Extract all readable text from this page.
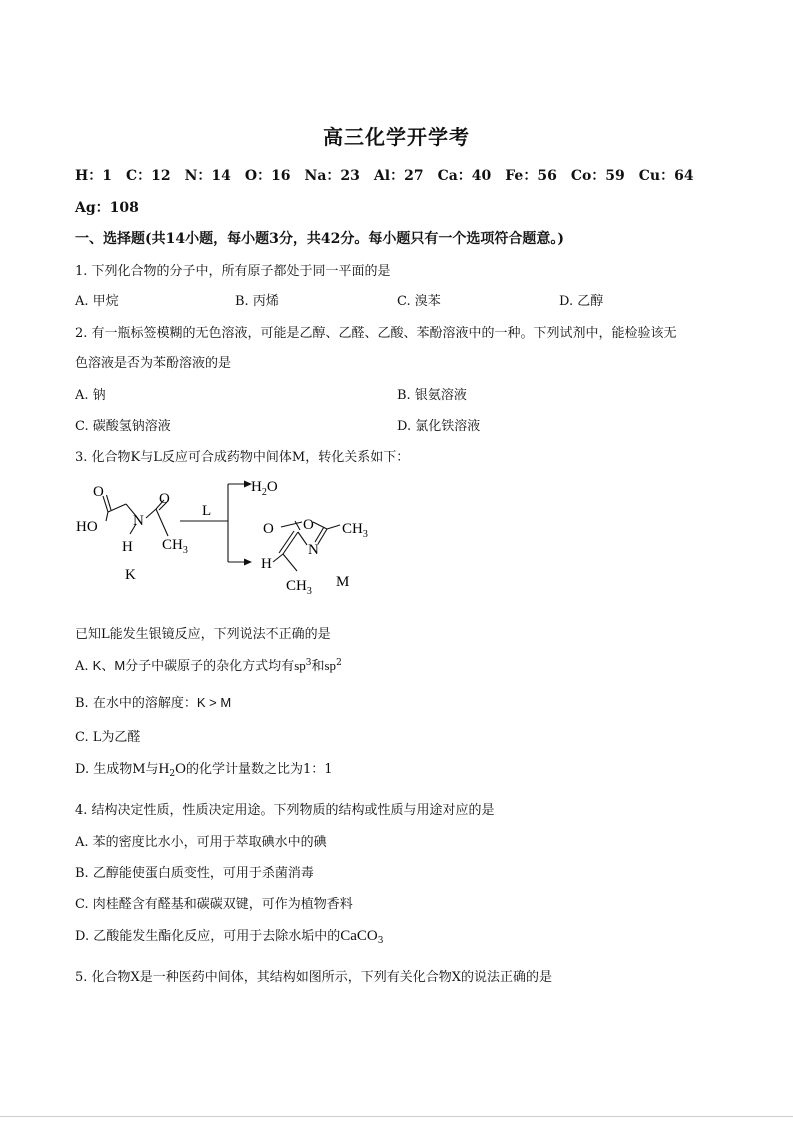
高三化学开学考
H：1　C：12　N：14　O：16　Na：23　Al：27　Ca：40　Fe：56　Co：59　Cu：64
Ag：108
一、选择题(共14小题，每小题3分，共42分。每小题只有一个选项符合题意。)
1. 下列化合物的分子中，所有原子都处于同一平面的是
A. 甲烷	B. 丙烯	C. 溴苯	D. 乙醇
2. 有一瓶标签模糊的无色溶液，可能是乙醇、乙醛、乙酸、苯酚溶液中的一种。下列试剂中，能检验该无
色溶液是否为苯酚溶液的是
A. 钠	B. 银氨溶液
C. 碳酸氢钠溶液	D. 氯化铁溶液
3. 化合物K与L反应可合成药物中间体M，转化关系如下：
O	O
HO N
H $CH_3$
K
L
$H_2O$
O O
N
$CH_3$
H
$CH_3$
M
已知L能发生银镜反应，下列说法不正确的是
A. K、M分子中碳原子的杂化方式均有$sp^3$和$sp^2$
B. 在水中的溶解度：K > M
C. L为乙醛
D. 生成物M与$H_2O$的化学计量数之比为1：1
4. 结构决定性质，性质决定用途。下列物质的结构或性质与用途对应的是
A. 苯的密度比水小，可用于萃取碘水中的碘
B. 乙醇能使蛋白质变性，可用于杀菌消毒
C. 肉桂醛含有醛基和碳碳双键，可作为植物香料
D. 乙酸能发生酯化反应，可用于去除水垢中的CaCO$_3$
5. 化合物X是一种医药中间体，其结构如图所示，下列有关化合物X的说法正确的是
